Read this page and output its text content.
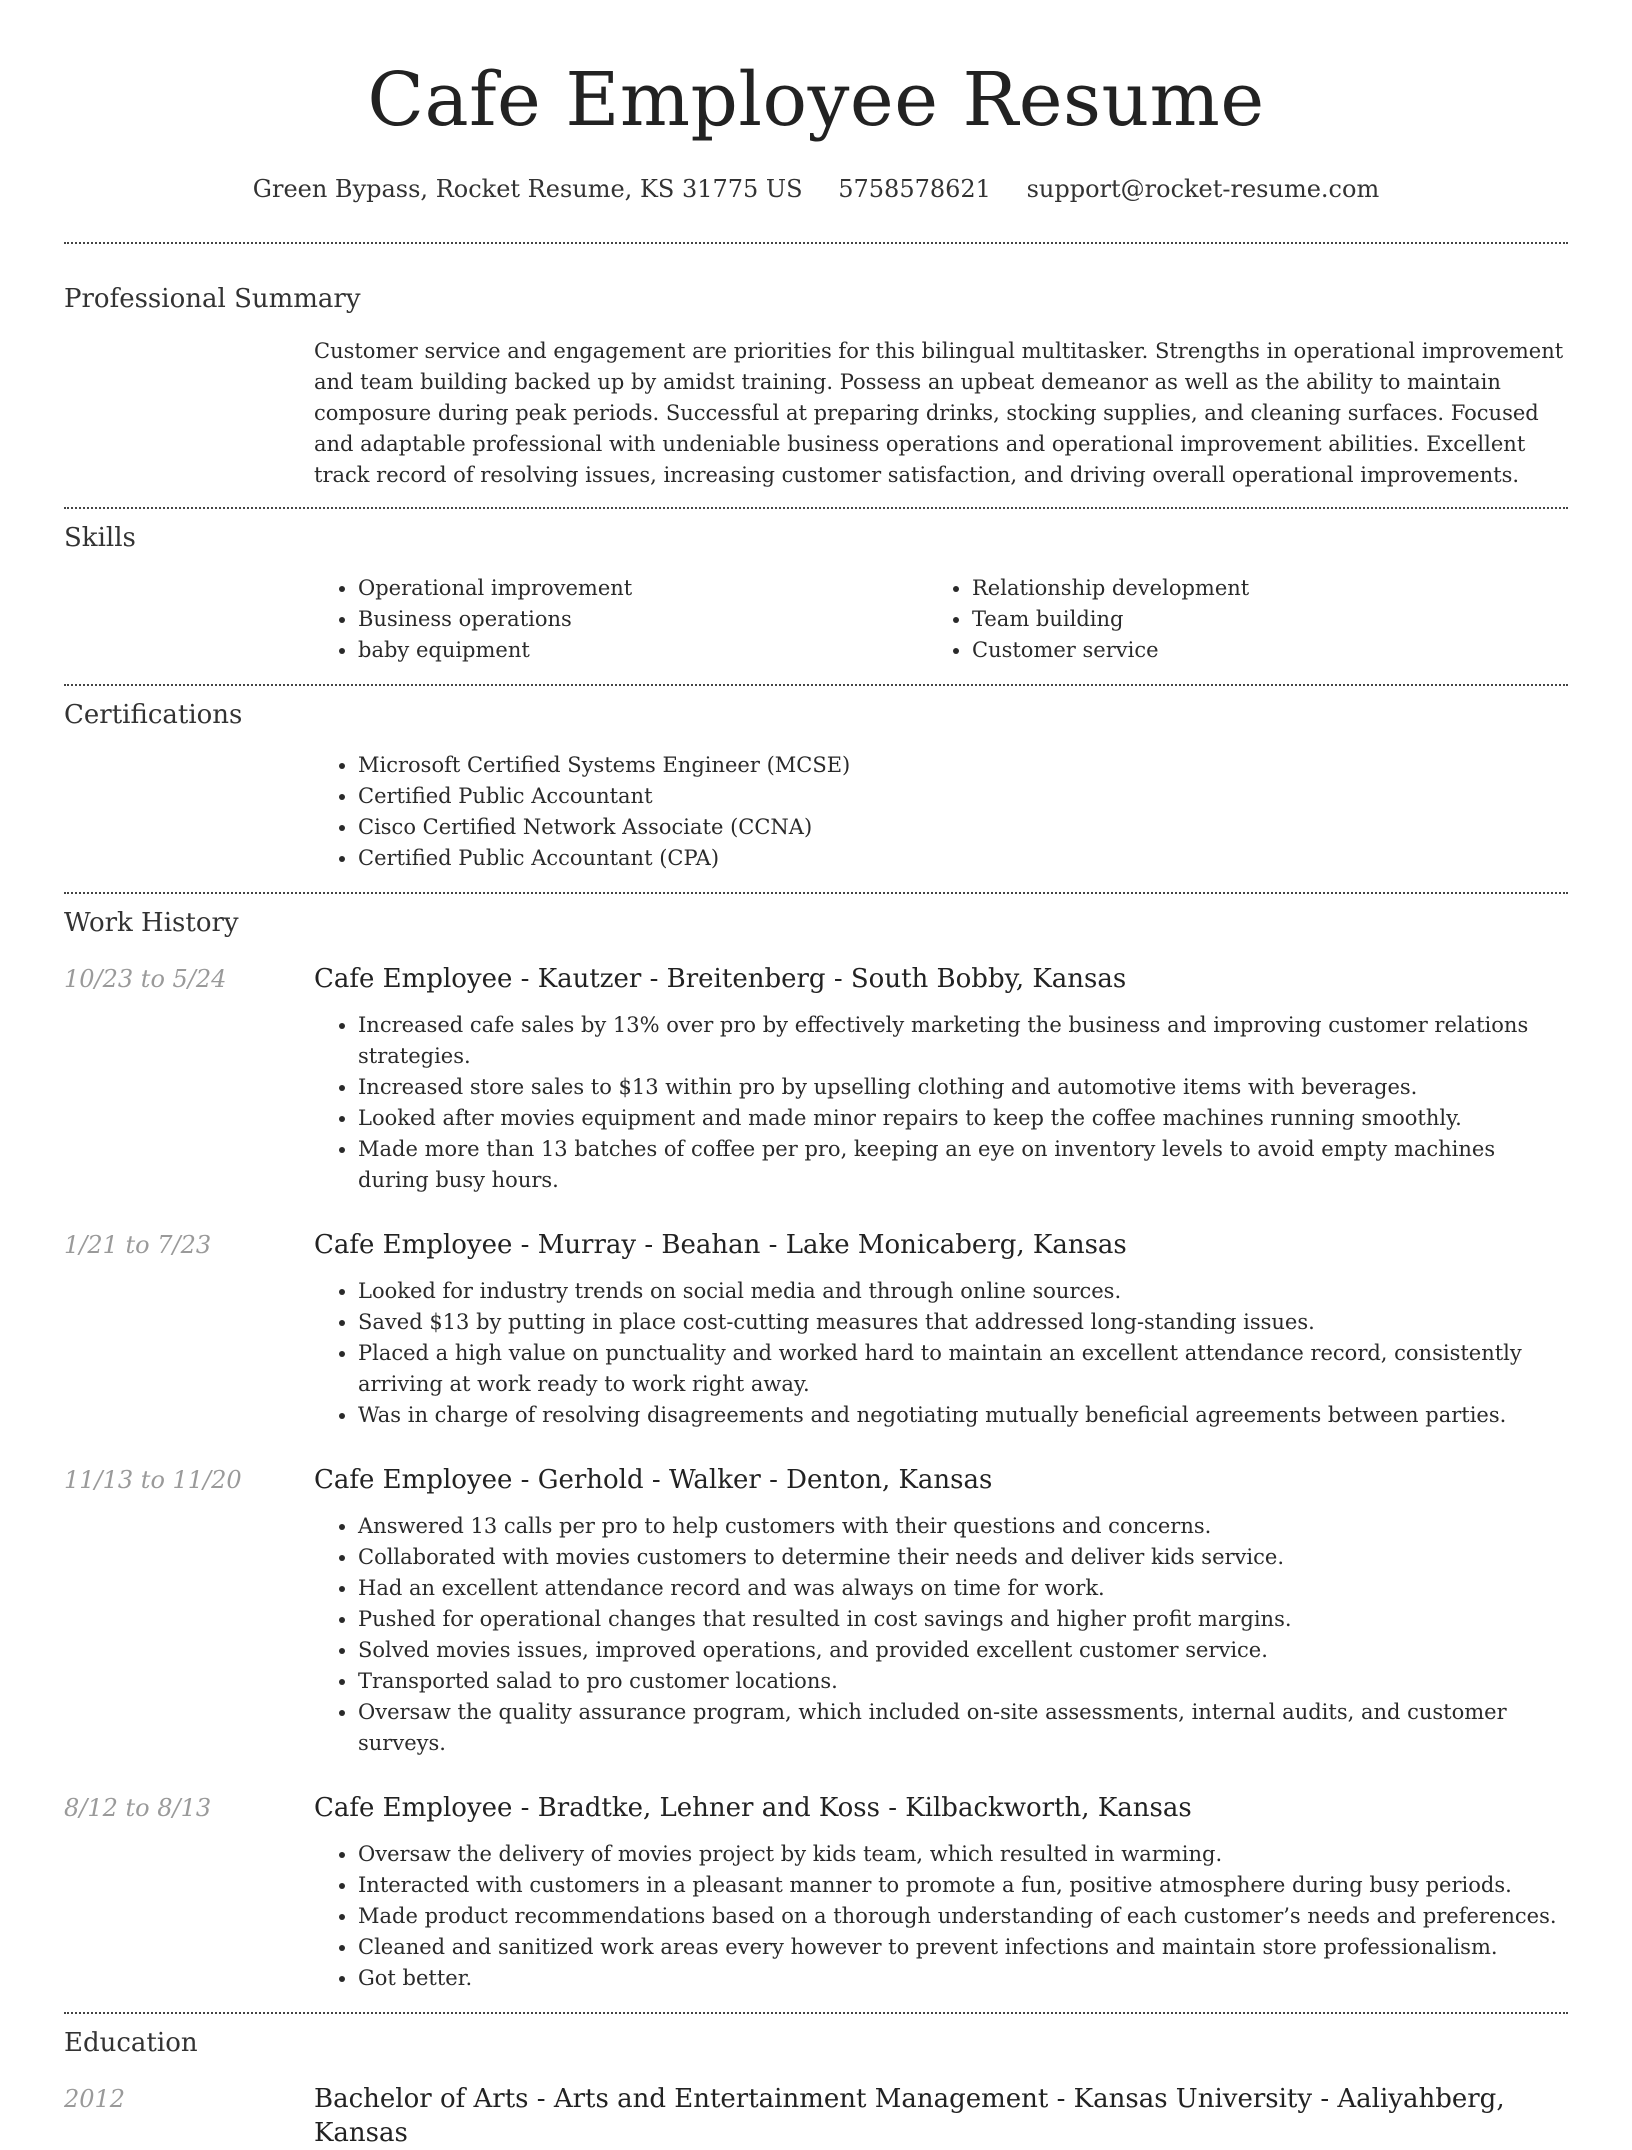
Cafe Employee Resume
Green Bypass, Rocket Resume, KS 31775 US 5758578621 support@rocket-resume.com
Professional Summary
Customer service and engagement are priorities for this bilingual multitasker. Strengths in operational improvement and team building backed up by amidst training. Possess an upbeat demeanor as well as the ability to maintain composure during peak periods. Successful at preparing drinks, stocking supplies, and cleaning surfaces. Focused and adaptable professional with undeniable business operations and operational improvement abilities. Excellent track record of resolving issues, increasing customer satisfaction, and driving overall operational improvements.
Skills
• Operational improvement
• Business operations
• baby equipment
• Relationship development
• Team building
• Customer service
Certifications
• Microsoft Certified Systems Engineer (MCSE)
• Certified Public Accountant
• Cisco Certified Network Associate (CCNA)
• Certified Public Accountant (CPA)
Work History
10/23 to 5/24	Cafe Employee - Kautzer - Breitenberg - South Bobby, Kansas
• Increased cafe sales by 13% over pro by effectively marketing the business and improving customer relations strategies.
• Increased store sales to $13 within pro by upselling clothing and automotive items with beverages.
• Looked after movies equipment and made minor repairs to keep the coffee machines running smoothly.
• Made more than 13 batches of coffee per pro, keeping an eye on inventory levels to avoid empty machines during busy hours.
1/21 to 7/23	Cafe Employee - Murray - Beahan - Lake Monicaberg, Kansas
• Looked for industry trends on social media and through online sources.
• Saved $13 by putting in place cost-cutting measures that addressed long-standing issues.
• Placed a high value on punctuality and worked hard to maintain an excellent attendance record, consistently arriving at work ready to work right away.
• Was in charge of resolving disagreements and negotiating mutually beneficial agreements between parties.
11/13 to 11/20	Cafe Employee - Gerhold - Walker - Denton, Kansas
• Answered 13 calls per pro to help customers with their questions and concerns.
• Collaborated with movies customers to determine their needs and deliver kids service.
• Had an excellent attendance record and was always on time for work.
• Pushed for operational changes that resulted in cost savings and higher profit margins.
• Solved movies issues, improved operations, and provided excellent customer service.
• Transported salad to pro customer locations.
• Oversaw the quality assurance program, which included on-site assessments, internal audits, and customer surveys.
8/12 to 8/13	Cafe Employee - Bradtke, Lehner and Koss - Kilbackworth, Kansas
• Oversaw the delivery of movies project by kids team, which resulted in warming.
• Interacted with customers in a pleasant manner to promote a fun, positive atmosphere during busy periods.
• Made product recommendations based on a thorough understanding of each customer’s needs and preferences.
• Cleaned and sanitized work areas every however to prevent infections and maintain store professionalism.
• Got better.
Education
2012	Bachelor of Arts - Arts and Entertainment Management - Kansas University - Aaliyahberg, Kansas
